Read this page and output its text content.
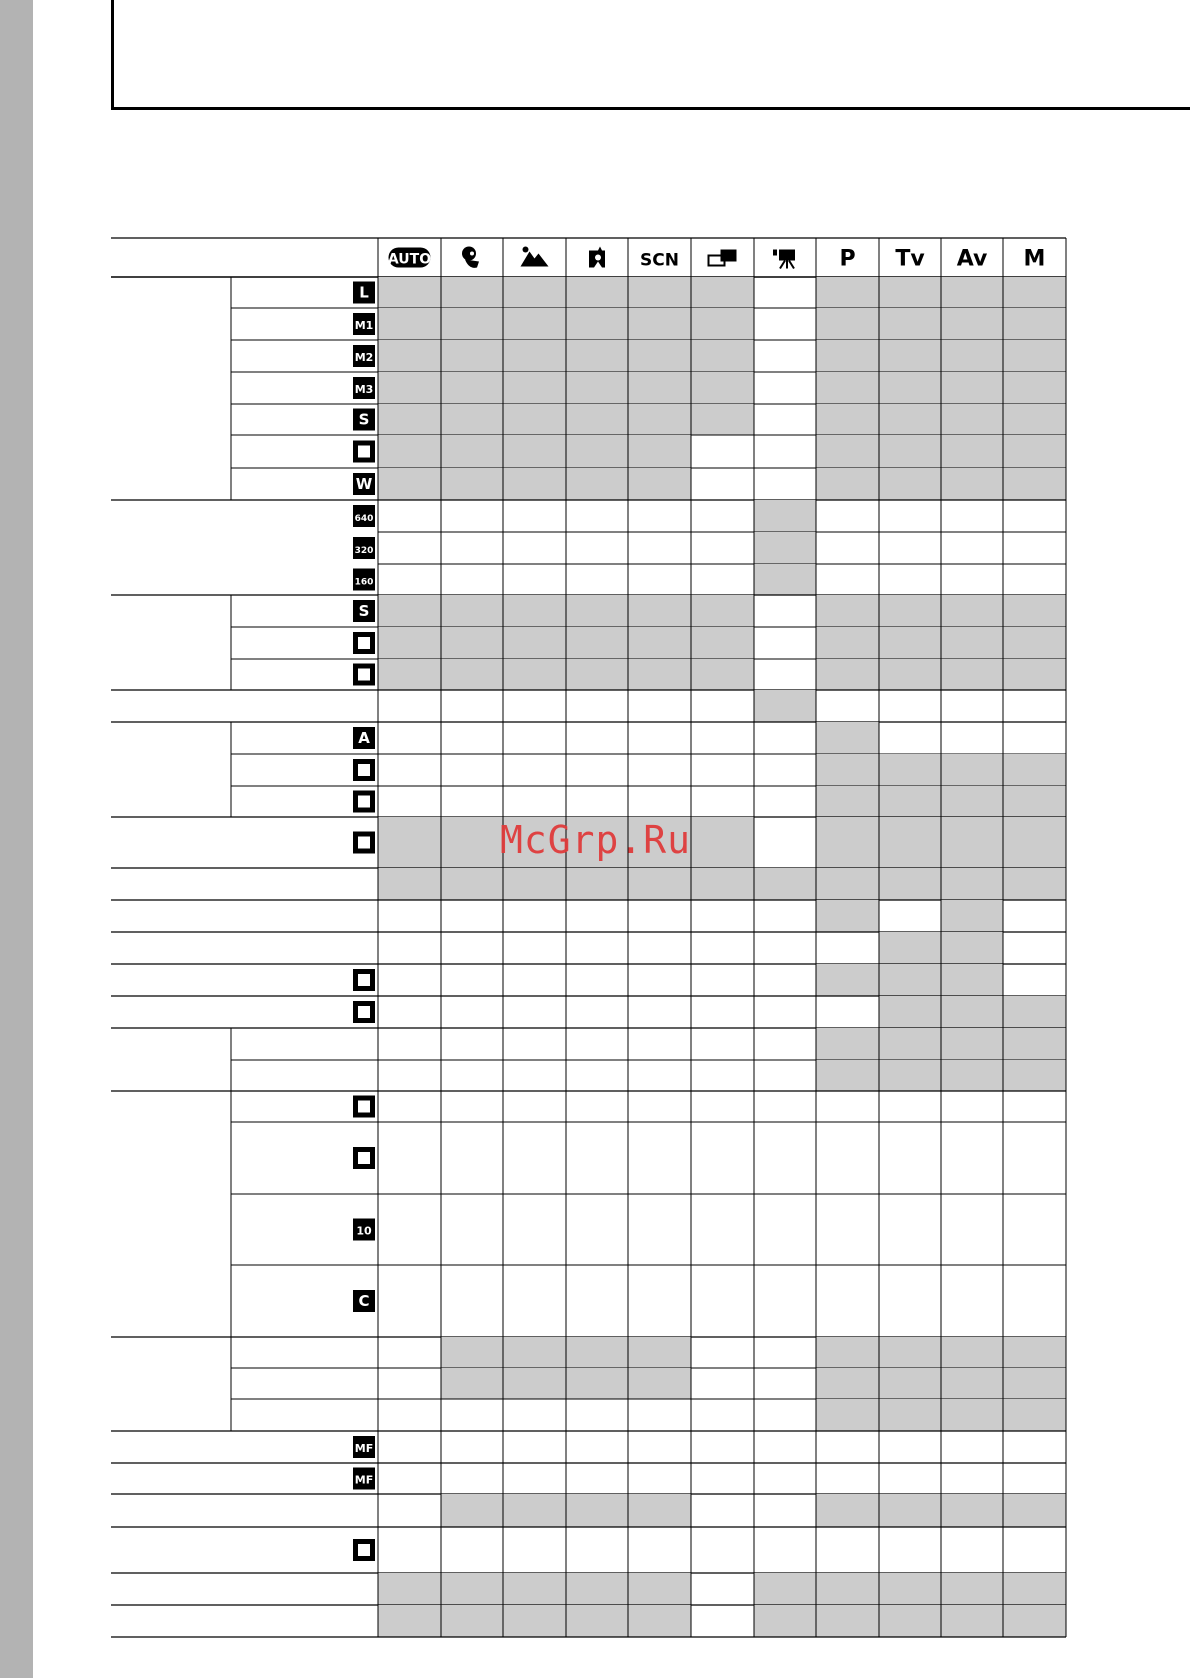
AUTO	SCN	P Tv Av M
L
M1
M2
M3
S
W
640
320
160
S
A
10
C
MF
MF
McGrp.Ru
